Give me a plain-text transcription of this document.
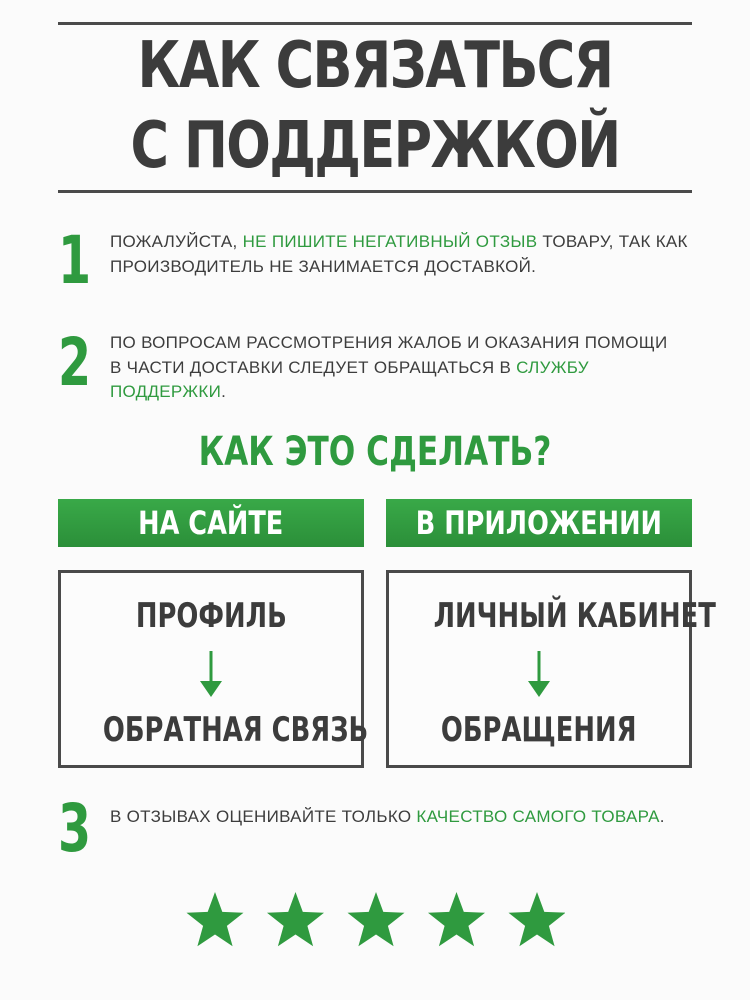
КАК СВЯЗАТЬСЯ
С ПОДДЕРЖКОЙ
1 ПОЖАЛУЙСТА, НЕ ПИШИТЕ НЕГАТИВНЫЙ ОТЗЫВ ТОВАРУ, ТАК КАК ПРОИЗВОДИТЕЛЬ НЕ ЗАНИМАЕТСЯ ДОСТАВКОЙ.
2 ПО ВОПРОСАМ РАССМОТРЕНИЯ ЖАЛОБ И ОКАЗАНИЯ ПОМОЩИ В ЧАСТИ ДОСТАВКИ СЛЕДУЕТ ОБРАЩАТЬСЯ В СЛУЖБУ ПОДДЕРЖКИ.
КАК ЭТО СДЕЛАТЬ?
НА САЙТЕ	В ПРИЛОЖЕНИИ
ПРОФИЛЬ
ОБРАТНАЯ СВЯЗЬ
ЛИЧНЫЙ КАБИНЕТ
ОБРАЩЕНИЯ
3 В ОТЗЫВАХ ОЦЕНИВАЙТЕ ТОЛЬКО КАЧЕСТВО САМОГО ТОВАРА.
